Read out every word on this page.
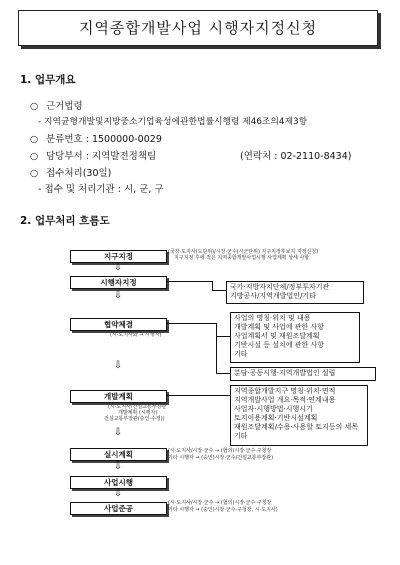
지역종합개발사업 시행자지정신청
1. 업무개요
○ 근거법령
- 지역균형개발및지방중소기업육성에관한법률시행령 제46조의4제3항
○ 분류번호 : 1500000-0029
○ 담당부서 : 지역발전정책팀	(연락처 : 02-2110-8434)
○ 접수처리(30일)
- 접수 및 처리기관 : 시, 군, 구
2. 업무처리 흐름도
지구지정	(국장·도지사(도단위)/시장·군수(시군단위) 지구지정후보지 지정신청)
지구지정 후에 적은 지역종합개발사업시행 사업계획 상세 사항
⇩
시행자지정	국가·지방자치단체/정부투자기관
지방공사/지역개발법인/기타
⇩
사업의 명칭·위치 및 내용
개발계획 및 사업에 관한 사항
사업계획서 및 재원조달계획
기반시설 등 설치에 관한 사항
기타
협약체결
(시·도지사와 → 시행자)
분담·공동시행·지역개발법인 설립
⇩
지역종합개발지구 명칭·위치·면적
지역개발사업 개요·목적·연계내용
사업자·시행방법·시행시기
토지이용계획·기반시설계획
재원조달계획/수용·사용할 토지등의 세목
기타
개발계획
(시·도지사/건설교통부장관
개발계획 (시행자)
건설교통부장관(승인·수정))
⇩
실시계획	(시·도지사/시장·군수 → (협의)시장·군수·구청장
기타 시행자 → (승인)시장·군수/건설교통부장관)
⇩
사업시행
⇩
사업준공
(시·도지사/시장·군수 → (협의)시장·군수·구청장
기타 시행자 → (승인)시장·군수·구청장, 시·도지사)
